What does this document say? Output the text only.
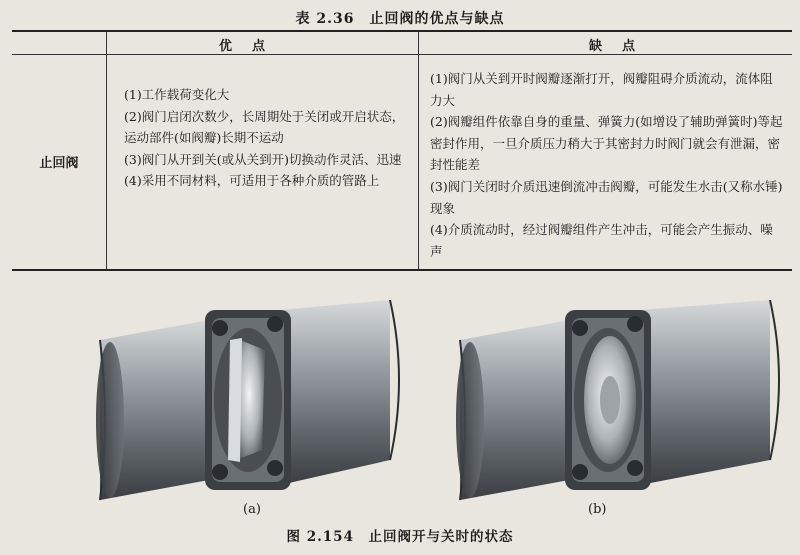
表 2.36　止回阀的优点与缺点
优点	缺点
止回阀

(1)工作载荷变化大

(2)阀门启闭次数少，长周期处于关闭或开启状态，运动部件(如阀瓣)长期不运动

(3)阀门从开到关(或从关到开)切换动作灵活、迅速

(4)采用不同材料，可适用于各种介质的管路上

(1)阀门从关到开时阀瓣逐渐打开，阀瓣阻碍介质流动，流体阻力大

(2)阀瓣组件依靠自身的重量、弹簧力(如增设了辅助弹簧时)等起密封作用，一旦介质压力稍大于其密封力时阀门就会有泄漏，密封性能差

(3)阀门关闭时介质迅速倒流冲击阀瓣，可能发生水击(又称水锤)现象

(4)介质流动时，经过阀瓣组件产生冲击，可能会产生振动、噪声

(a)	(b)
图 2.154　止回阀开与关时的状态
